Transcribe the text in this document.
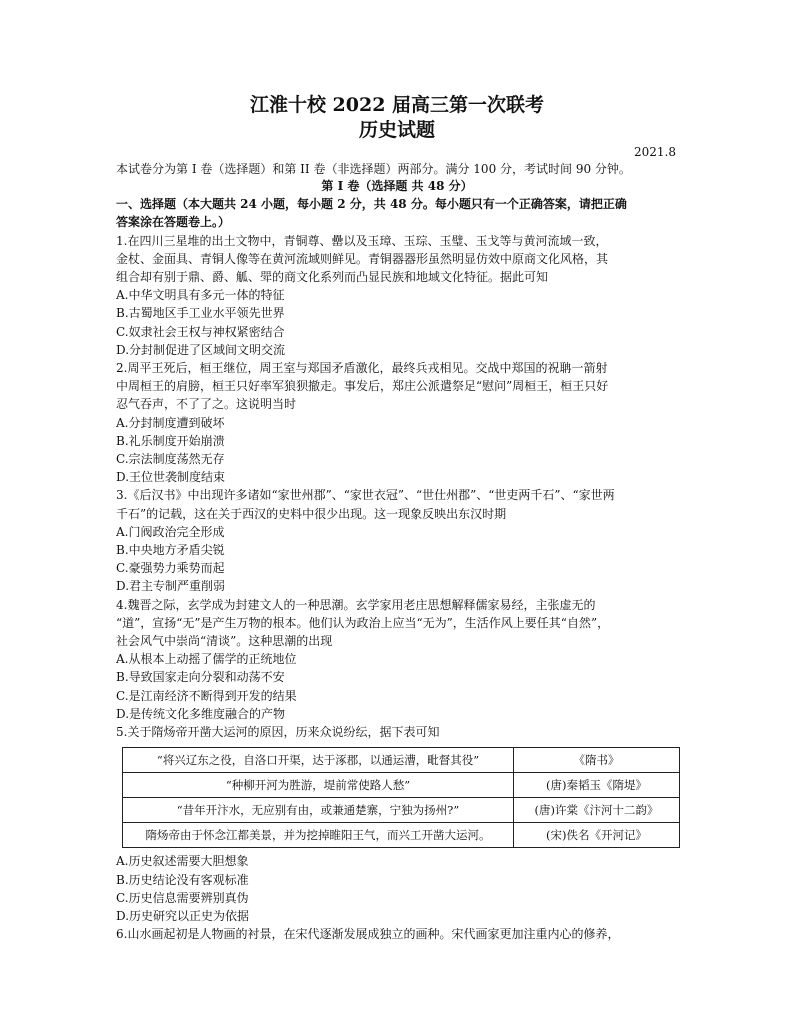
江淮十校 2022 届高三第一次联考
历史试题
2021.8
本试卷分为第 I 卷（选择题）和第 II 卷（非选择题）两部分。满分 100 分，考试时间 90 分钟。
第 I 卷（选择题 共 48 分）
一、选择题（本大题共 24 小题，每小题 2 分，共 48 分。每小题只有一个正确答案，请把正确
答案涂在答题卷上。）
1.在四川三星堆的出土文物中，青铜尊、罍以及玉璋、玉琮、玉璧、玉戈等与黄河流域一致，
金杖、金面具、青铜人像等在黄河流域则鲜见。青铜器器形虽然明显仿效中原商文化风格，其
组合却有别于鼎、爵、觚、斝的商文化系列而凸显民族和地域文化特征。据此可知
A.中华文明具有多元一体的特征
B.古蜀地区手工业水平领先世界
C.奴隶社会王权与神权紧密结合
D.分封制促进了区域间文明交流
2.周平王死后，桓王继位，周王室与郑国矛盾激化，最终兵戎相见。交战中郑国的祝聃一箭射
中周桓王的肩膀，桓王只好率军狼狈撤走。事发后，郑庄公派遣祭足“慰问”周桓王，桓王只好
忍气吞声，不了了之。这说明当时
A.分封制度遭到破坏
B.礼乐制度开始崩溃
C.宗法制度荡然无存
D.王位世袭制度结束
3.《后汉书》中出现许多诸如“家世州郡”、“家世衣冠”、“世仕州郡”、“世吏两千石”、“家世两
千石”的记载，这在关于西汉的史料中很少出现。这一现象反映出东汉时期
A.门阀政治完全形成
B.中央地方矛盾尖锐
C.豪强势力乘势而起
D.君主专制严重削弱
4.魏晋之际，玄学成为封建文人的一种思潮。玄学家用老庄思想解释儒家易经，主张虚无的
“道”，宣扬“无”是产生万物的根本。他们认为政治上应当“无为”，生活作风上要任其“自然”，
社会风气中崇尚“清谈”。这种思潮的出现
A.从根本上动摇了儒学的正统地位
B.导致国家走向分裂和动荡不安
C.是江南经济不断得到开发的结果
D.是传统文化多维度融合的产物
5.关于隋炀帝开凿大运河的原因，历来众说纷纭，据下表可知
“将兴辽东之役，自洛口开渠，达于涿郡，以通运漕，毗督其役”	《隋书》
“种柳开河为胜游，堤前常使路人愁”	(唐)秦韬玉《隋堤》
“昔年开汴水，无应别有由，或兼通楚寨，宁独为扬州?”	(唐)许棠《汴河十二韵》
隋炀帝由于怀念江都美景，并为挖掉睢阳王气，而兴工开凿大运河。	(宋)佚名《开河记》
A.历史叙述需要大胆想象
B.历史结论没有客观标准
C.历史信息需要辨别真伪
D.历史研究以正史为依据
6.山水画起初是人物画的衬景，在宋代逐渐发展成独立的画种。宋代画家更加注重内心的修养，
